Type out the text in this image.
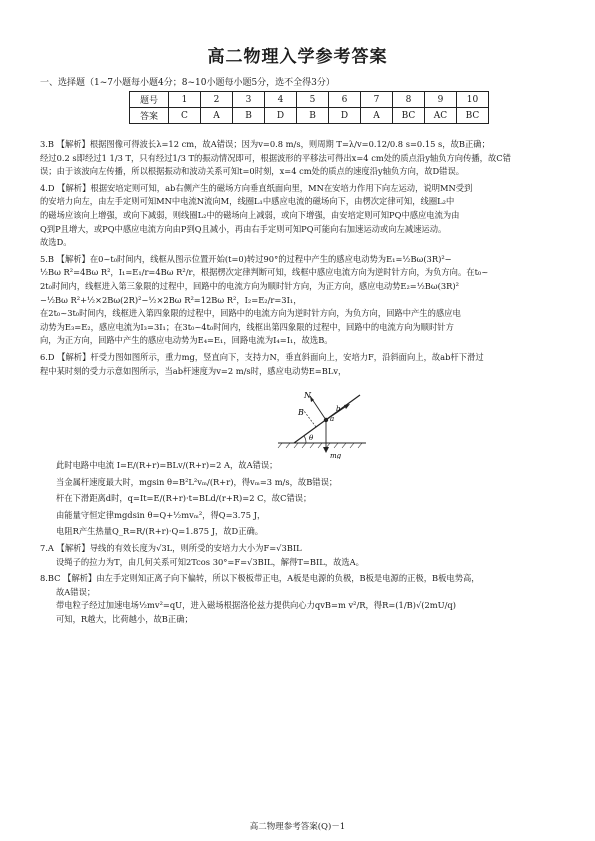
高二物理入学参考答案
一、选择题（1~7小题每小题4分；8~10小题每小题5分，选不全得3分）
题号	1	2	3	4	5	6	7	8	9	10
答案	C	A	B	D	B	D	A	BC	AC	BC

3.B 【解析】根据图像可得波长λ=12 cm，故A错误；因为v=0.8 m/s，则周期 T=λ/v=0.12/0.8 s=0.15 s，故B正确；
经过0.2 s即经过1 1/3 T，只有经过1/3 T的振动情况即可，根据波形的平移法可得出x=4 cm处的质点沿y轴负方向传播，故C错
误；由于该波向左传播，所以根据振动和波动关系可知t=0时刻，x=4 cm处的质点的速度沿y轴负方向，故D错误。

4.D 【解析】根据安培定则可知，ab右侧产生的磁场方向垂直纸面向里，MN在安培力作用下向左运动，说明MN受到
的安培力向左，由左手定则可知MN中电流N流向M，线圈L₁中感应电流的磁场向下，由楞次定律可知，线圈L₂中
的磁场应该向上增强，或向下减弱，则线圈L₂中的磁场向上减弱，或向下增强，由安培定则可知PQ中感应电流为由
Q到P且增大，或PQ中感应电流方向由P到Q且减小，再由右手定则可知PQ可能向右加速运动或向左减速运动。
故选D。

5.B 【解析】在0~t₀时间内，线框从图示位置开始(t=0)转过90°的过程中产生的感应电动势为E₁=½Bω(3R)²−
½Bω R²=4Bω R²，I₁=E₁/r=4Bω R²/r，根据楞次定律判断可知，线框中感应电流方向为逆时针方向，为负方向。在t₀~
2t₀时间内，线框进入第三象限的过程中，回路中的电流方向为顺时针方向，为正方向，感应电动势E₂=½Bω(3R)²
−½Bω R²+½×2Bω(2R)²−½×2Bω R²=12Bω R²，I₂=E₂/r=3I₁，
在2t₀~3t₀时间内，线框进入第四象限的过程中，回路中的电流方向为逆时针方向，为负方向，回路中产生的感应电
动势为E₃=E₂，感应电流为I₃=3I₁；在3t₀~4t₀时间内，线框出第四象限的过程中，回路中的电流方向为顺时针方
向，为正方向，回路中产生的感应电动势为E₄=E₁，回路电流为I₄=I₁，故选B。

6.D 【解析】杆受力图如图所示，重力mg，竖直向下，支持力N，垂直斜面向上，安培力F，沿斜面向上，故ab杆下滑过
程中某时刻的受力示意如图所示，当ab杆速度为v=2 m/s时，感应电动势E=BLv，

N
B
a
b
θ
mg

此时电路中电流 I=E/(R+r)=BLv/(R+r)=2 A，故A错误；

当金属杆速度最大时，mgsin θ=B²L²vₘ/(R+r)，得vₘ=3 m/s，故B错误；

杆在下滑距离d时，q=It=E/(R+r)·t=BLd/(r+R)=2 C，故C错误；

由能量守恒定律mgdsin θ=Q+½mvₘ²，得Q=3.75 J，

电阻R产生热量Q_R=R/(R+r)·Q=1.875 J，故D正确。

7.A 【解析】导线的有效长度为√3L，则所受的安培力大小为F=√3BIL
设绳子的拉力为T，由几何关系可知2Tcos 30°=F=√3BIL，解得T=BIL，故选A。

8.BC 【解析】由左手定则知正离子向下偏转，所以下极板带正电，A板是电源的负极，B板是电源的正极，B板电势高，
故A错误；
带电粒子经过加速电场½mv²=qU，进入磁场根据洛伦兹力提供向心力qvB=m v²/R，得R=(1/B)√(2mU/q)
可知，R越大，比荷越小，故B正确；

高二物理参考答案(Q)－1
